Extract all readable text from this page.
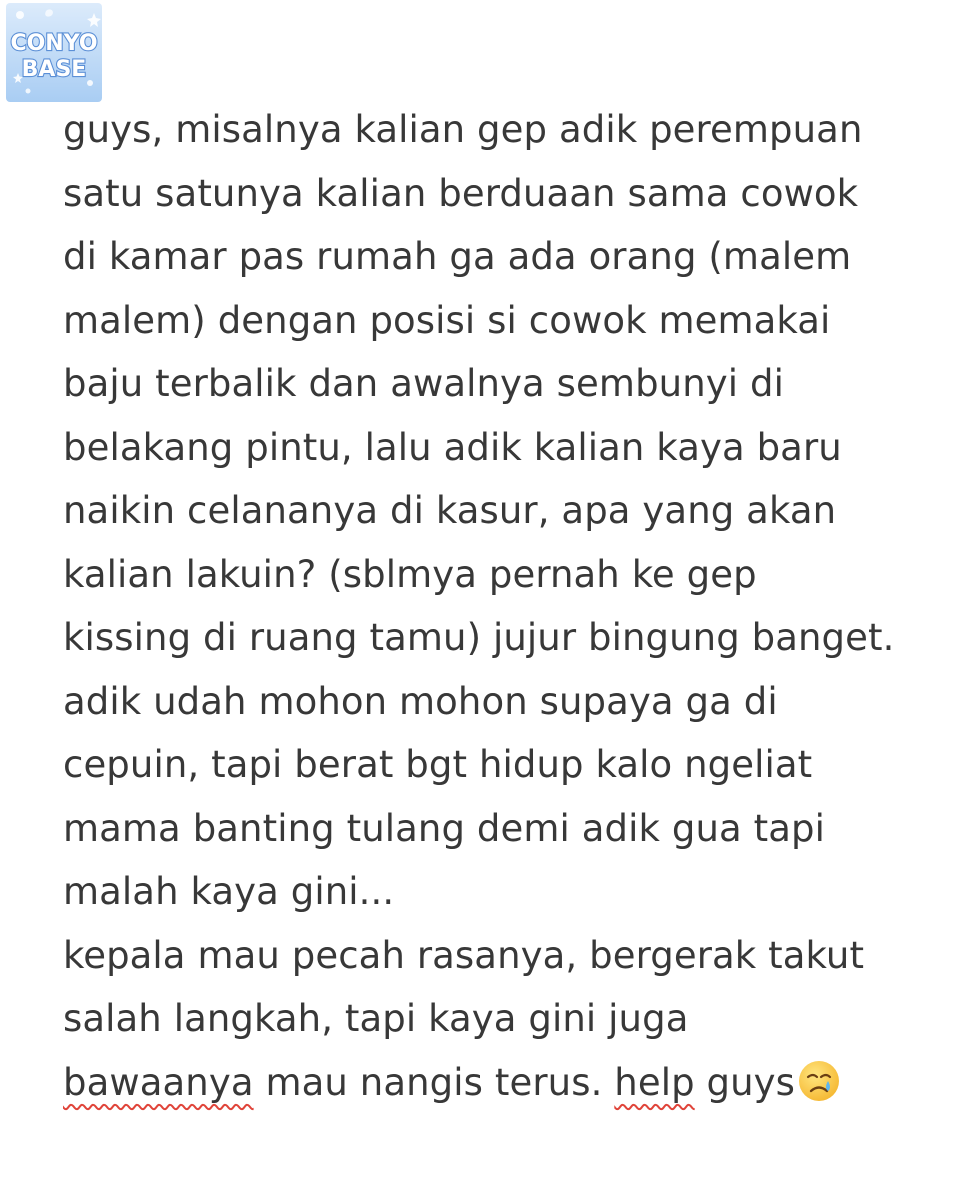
CONYO
BASE
guys, misalnya kalian gep adik perempuan
satu satunya kalian berduaan sama cowok
di kamar pas rumah ga ada orang (malem
malem) dengan posisi si cowok memakai
baju terbalik dan awalnya sembunyi di
belakang pintu, lalu adik kalian kaya baru
naikin celananya di kasur, apa yang akan
kalian lakuin? (sblmya pernah ke gep
kissing di ruang tamu) jujur bingung banget.
adik udah mohon mohon supaya ga di
cepuin, tapi berat bgt hidup kalo ngeliat
mama banting tulang demi adik gua tapi
malah kaya gini...
kepala mau pecah rasanya, bergerak takut
salah langkah, tapi kaya gini juga
bawaanya mau nangis terus. help guys
